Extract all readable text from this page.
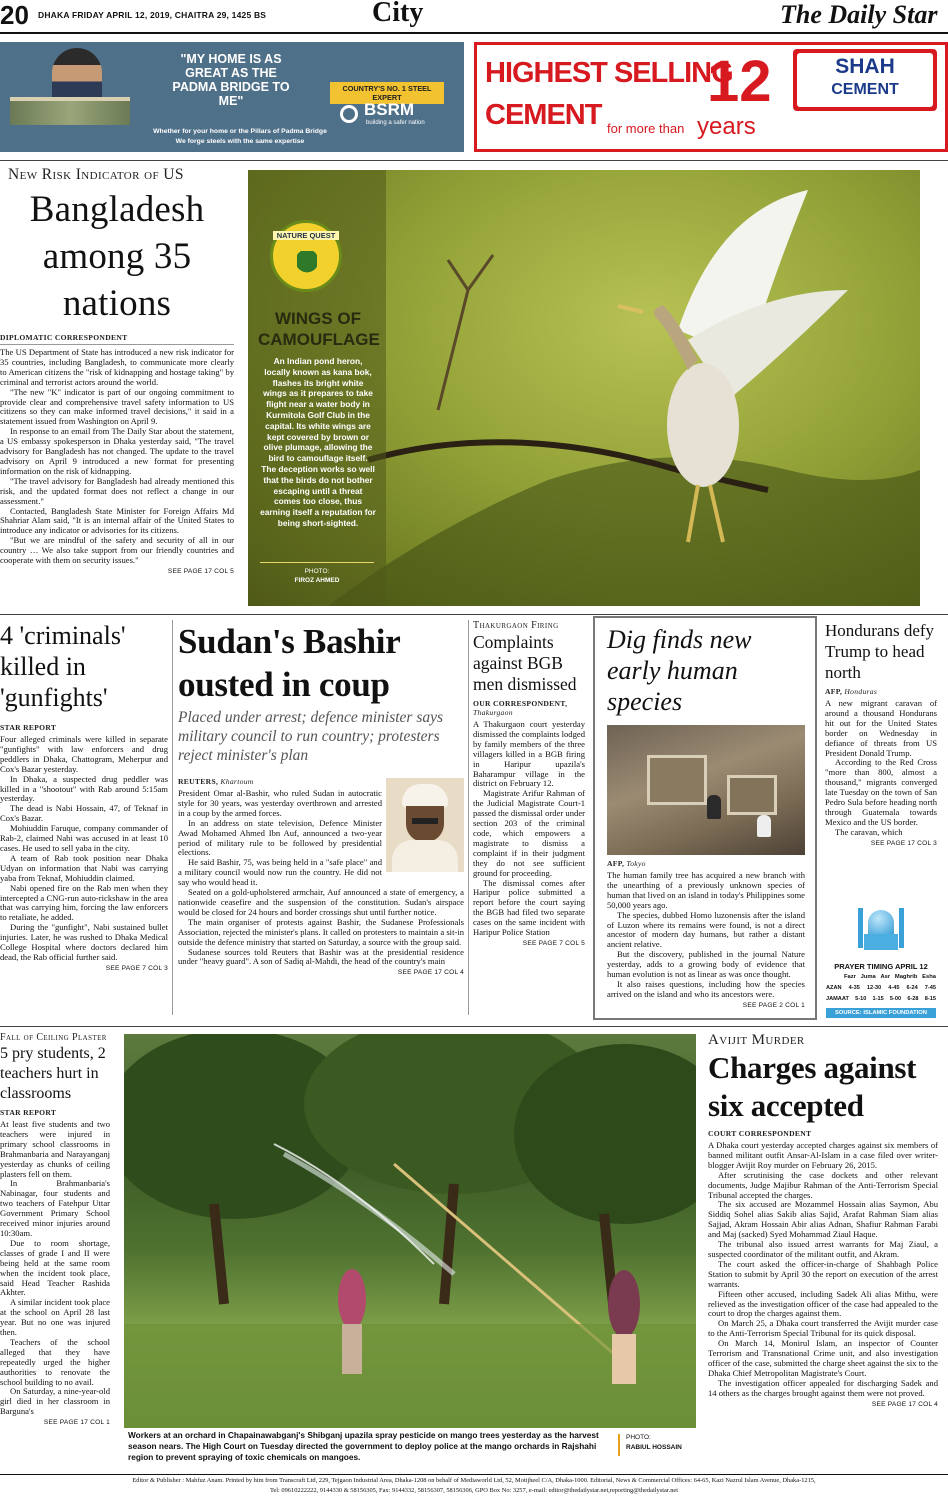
20 DHAKA FRIDAY APRIL 12, 2019, CHAITRA 29, 1425 BS	City	The Daily Star
"MY HOME IS AS GREAT AS THE PADMA BRIDGE TO ME"
COUNTRY'S NO. 1 STEEL EXPERT
BSRM
building a safer nation
Whether for your home or the Pillars of Padma Bridge
We forge steels with the same expertise
HIGHEST SELLING
CEMENT for more than
12
years
SHAH
CEMENT
New Risk Indicator of US
Bangladesh among 35 nations
DIPLOMATIC CORRESPONDENT

The US Department of State has introduced a new risk indicator for 35 countries, including Bangladesh, to communicate more clearly to American citizens the "risk of kidnapping and hostage taking" by criminal and terrorist actors around the world.

"The new "K" indicator is part of our ongoing commitment to provide clear and comprehensive travel safety information to US citizens so they can make informed travel decisions," it said in a statement issued from Washington on April 9.

In response to an email from The Daily Star about the statement, a US embassy spokesperson in Dhaka yesterday said, "The travel advisory for Bangladesh has not changed. The update to the travel advisory on April 9 introduced a new format for presenting information on the risk of kidnapping.

"The travel advisory for Bangladesh had already mentioned this risk, and the updated format does not reflect a change in our assessment."

Contacted, Bangladesh State Minister for Foreign Affairs Md Shahriar Alam said, "It is an internal affair of the United States to introduce any indicator or advisories for its citizens.

"But we are mindful of the safety and security of all in our country … We also take support from our friendly countries and cooperate with them on security issues."

SEE PAGE 17 COL 5
NATURE QUEST
WINGS OF CAMOUFLAGE
An Indian pond heron, locally known as kana bok, flashes its bright white wings as it prepares to take flight near a water body in Kurmitola Golf Club in the capital. Its white wings are kept covered by brown or olive plumage, allowing the bird to camouflage itself. The deception works so well that the birds do not bother escaping until a threat comes too close, thus earning itself a reputation for being short-sighted.
PHOTO:
FIROZ AHMED
4 'criminals' killed in 'gunfights'
STAR REPORT

Four alleged criminals were killed in separate "gunfights" with law enforcers and drug peddlers in Dhaka, Chattogram, Meherpur and Cox's Bazar yesterday.

In Dhaka, a suspected drug peddler was killed in a "shootout" with Rab around 5:15am yesterday.

The dead is Nabi Hossain, 47, of Teknaf in Cox's Bazar.

Mohiuddin Faruque, company commander of Rab-2, claimed Nabi was accused in at least 10 cases. He used to sell yaba in the city.

A team of Rab took position near Dhaka Udyan on information that Nabi was carrying yaba from Teknaf, Mohiuddin claimed.

Nabi opened fire on the Rab men when they intercepted a CNG-run auto-rickshaw in the area that was carrying him, forcing the law enforcers to retaliate, he added.

During the "gunfight", Nabi sustained bullet injuries. Later, he was rushed to Dhaka Medical College Hospital where doctors declared him dead, the Rab official further said.

SEE PAGE 7 COL 3
Sudan's Bashir ousted in coup
Placed under arrest; defence minister says military council to run country; protesters reject minister's plan
REUTERS, Khartoum

President Omar al-Bashir, who ruled Sudan in autocratic style for 30 years, was yesterday overthrown and arrested in a coup by the armed forces.

In an address on state television, Defence Minister Awad Mohamed Ahmed Ibn Auf, announced a two-year period of military rule to be followed by presidential elections.

He said Bashir, 75, was being held in a "safe place" and a military council would now run the country. He did not say who would head it.

Seated on a gold-upholstered armchair, Auf announced a state of emergency, a nationwide ceasefire and the suspension of the constitution. Sudan's airspace would be closed for 24 hours and border crossings shut until further notice.

The main organiser of protests against Bashir, the Sudanese Professionals Association, rejected the minister's plans. It called on protesters to maintain a sit-in outside the defence ministry that started on Saturday, a source with the group said.

Sudanese sources told Reuters that Bashir was at the presidential residence under "heavy guard". A son of Sadiq al-Mahdi, the head of the country's main

SEE PAGE 17 COL 4
Thakurgaon Firing
Complaints against BGB men dismissed
OUR CORRESPONDENT,
Thakurgaon

A Thakurgaon court yesterday dismissed the complaints lodged by family members of the three villagers killed in a BGB firing in Haripur upazila's Baharampur village in the district on February 12.

Magistrate Arifur Rahman of the Judicial Magistrate Court-1 passed the dismissal order under section 203 of the criminal code, which empowers a magistrate to dismiss a complaint if in their judgment they do not see sufficient ground for proceeding.

The dismissal comes after Haripur police submitted a report before the court saying the BGB had filed two separate cases on the same incident with Haripur Police Station

SEE PAGE 7 COL 5
Dig finds new early human species
AFP, Tokyo

The human family tree has acquired a new branch with the unearthing of a previously unknown species of human that lived on an island in today's Philippines some 50,000 years ago.

The species, dubbed Homo luzonensis after the island of Luzon where its remains were found, is not a direct ancestor of modern day humans, but rather a distant ancient relative.

But the discovery, published in the journal Nature yesterday, adds to a growing body of evidence that human evolution is not as linear as was once thought.

It also raises questions, including how the species arrived on the island and who its ancestors were.

SEE PAGE 2 COL 1
Hondurans defy Trump to head north
AFP, Honduras

A new migrant caravan of around a thousand Hondurans hit out for the United States border on Wednesday in defiance of threats from US President Donald Trump.

According to the Red Cross "more than 800, almost a thousand," migrants converged late Tuesday on the town of San Pedro Sula before heading north through Guatemala towards Mexico and the US border.

The caravan, which

SEE PAGE 17 COL 3
PRAYER TIMING APRIL 12
Fazr Juma Asr Maghrib Esha
AZAN 4-35 12-30 4-45 6-24 7-45
JAMAAT 5-10 1-15 5-00 6-28 8-15
SOURCE: ISLAMIC FOUNDATION
Fall of Ceiling Plaster
5 pry students, 2 teachers hurt in classrooms
STAR REPORT

At least five students and two teachers were injured in primary school classrooms in Brahmanbaria and Narayanganj yesterday as chunks of ceiling plasters fell on them.

In Brahmanbaria's Nabinagar, four students and two teachers of Fatehpur Uttar Government Primary School received minor injuries around 10:30am.

Due to room shortage, classes of grade I and II were being held at the same room when the incident took place, said Head Teacher Rashida Akhter.

A similar incident took place at the school on April 28 last year. But no one was injured then.

Teachers of the school alleged that they have repeatedly urged the higher authorities to renovate the school building to no avail.

On Saturday, a nine-year-old girl died in her classroom in Barguna's

SEE PAGE 17 COL 1
Workers at an orchard in Chapainawabganj's Shibganj upazila spray pesticide on mango trees yesterday as the harvest season nears. The High Court on Tuesday directed the government to deploy police at the mango orchards in Rajshahi region to prevent spraying of toxic chemicals on mangoes.
PHOTO:
RABIUL HOSSAIN
Avijit Murder
Charges against six accepted
COURT CORRESPONDENT

A Dhaka court yesterday accepted charges against six members of banned militant outfit Ansar-Al-Islam in a case filed over writer-blogger Avijit Roy murder on February 26, 2015.

After scrutinising the case dockets and other relevant documents, Judge Majibur Rahman of the Anti-Terrorism Special Tribunal accepted the charges.

The six accused are Mozammel Hossain alias Saymon, Abu Siddiq Sohel alias Sakib alias Sajid, Arafat Rahman Siam alias Sajjad, Akram Hossain Abir alias Adnan, Shafiur Rahman Farabi and Maj (sacked) Syed Mohammad Ziaul Haque.

The tribunal also issued arrest warrants for Maj Ziaul, a suspected coordinator of the militant outfit, and Akram.

The court asked the officer-in-charge of Shahbagh Police Station to submit by April 30 the report on execution of the arrest warrants.

Fifteen other accused, including Sadek Ali alias Mithu, were relieved as the investigation officer of the case had appealed to the court to drop the charges against them.

On March 25, a Dhaka court transferred the Avijit murder case to the Anti-Terrorism Special Tribunal for its quick disposal.

On March 14, Monirul Islam, an inspector of Counter Terrorism and Transnational Crime unit, and also investigation officer of the case, submitted the charge sheet against the six to the Dhaka Chief Metropolitan Magistrate's Court.

The investigation officer appealed for discharging Sadek and 14 others as the charges brought against them were not proved.

SEE PAGE 17 COL 4
Editor & Publisher : Mahfuz Anam. Printed by him from Transcraft Ltd, 229, Tejgaon Industrial Area, Dhaka-1208 on behalf of Mediaworld Ltd, 52, Motijheel C/A, Dhaka-1000. Editorial, News & Commercial Offices: 64-65, Kazi Nazrul Islam Avenue, Dhaka-1215,
Tel: 09610222222, 9144330 & 58156305, Fax: 9144332, 58156307, 58156306, GPO Box No: 3257, e-mail: editor@thedailystar.net,reporting@thedailystar.net
